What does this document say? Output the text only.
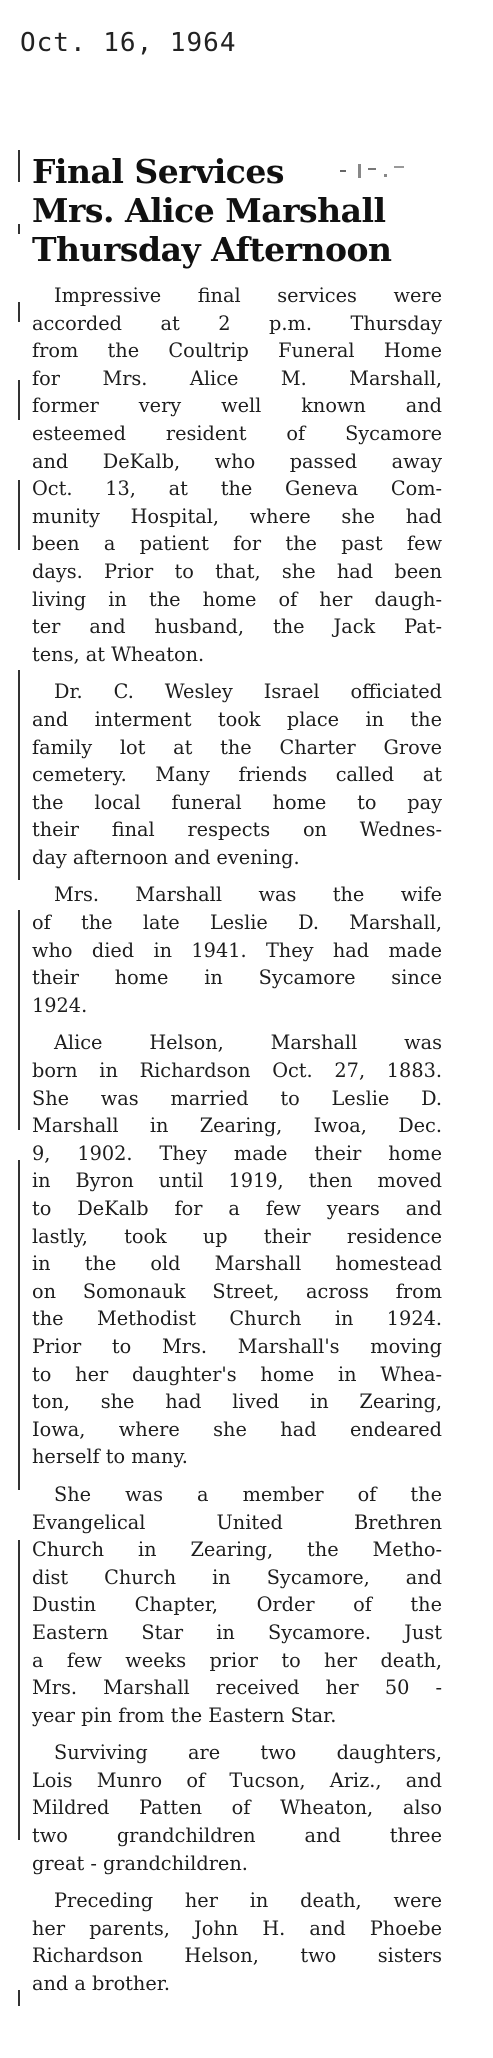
Oct. 16, 1964
Final Services
Mrs. Alice Marshall
Thursday Afternoon
Impressive final services were
accorded at 2 p.m. Thursday
from the Coultrip Funeral Home
for Mrs. Alice M. Marshall,
former very well known and
esteemed resident of Sycamore
and DeKalb, who passed away
Oct. 13, at the Geneva Com-
munity Hospital, where she had
been a patient for the past few
days. Prior to that, she had been
living in the home of her daugh-
ter and husband, the Jack Pat-
tens, at Wheaton.
Dr. C. Wesley Israel officiated
and interment took place in the
family lot at the Charter Grove
cemetery. Many friends called at
the local funeral home to pay
their final respects on Wednes-
day afternoon and evening.
Mrs. Marshall was the wife
of the late Leslie D. Marshall,
who died in 1941. They had made
their home in Sycamore since
1924.
Alice Helson, Marshall was
born in Richardson Oct. 27, 1883.
She was married to Leslie D.
Marshall in Zearing, Iwoa, Dec.
9, 1902. They made their home
in Byron until 1919, then moved
to DeKalb for a few years and
lastly, took up their residence
in the old Marshall homestead
on Somonauk Street, across from
the Methodist Church in 1924.
Prior to Mrs. Marshall's moving
to her daughter's home in Whea-
ton, she had lived in Zearing,
Iowa, where she had endeared
herself to many.
She was a member of the
Evangelical United Brethren
Church in Zearing, the Metho-
dist Church in Sycamore, and
Dustin Chapter, Order of the
Eastern Star in Sycamore. Just
a few weeks prior to her death,
Mrs. Marshall received her 50 -
year pin from the Eastern Star.
Surviving are two daughters,
Lois Munro of Tucson, Ariz., and
Mildred Patten of Wheaton, also
two grandchildren and three
great - grandchildren.
Preceding her in death, were
her parents, John H. and Phoebe
Richardson Helson, two sisters
and a brother.
